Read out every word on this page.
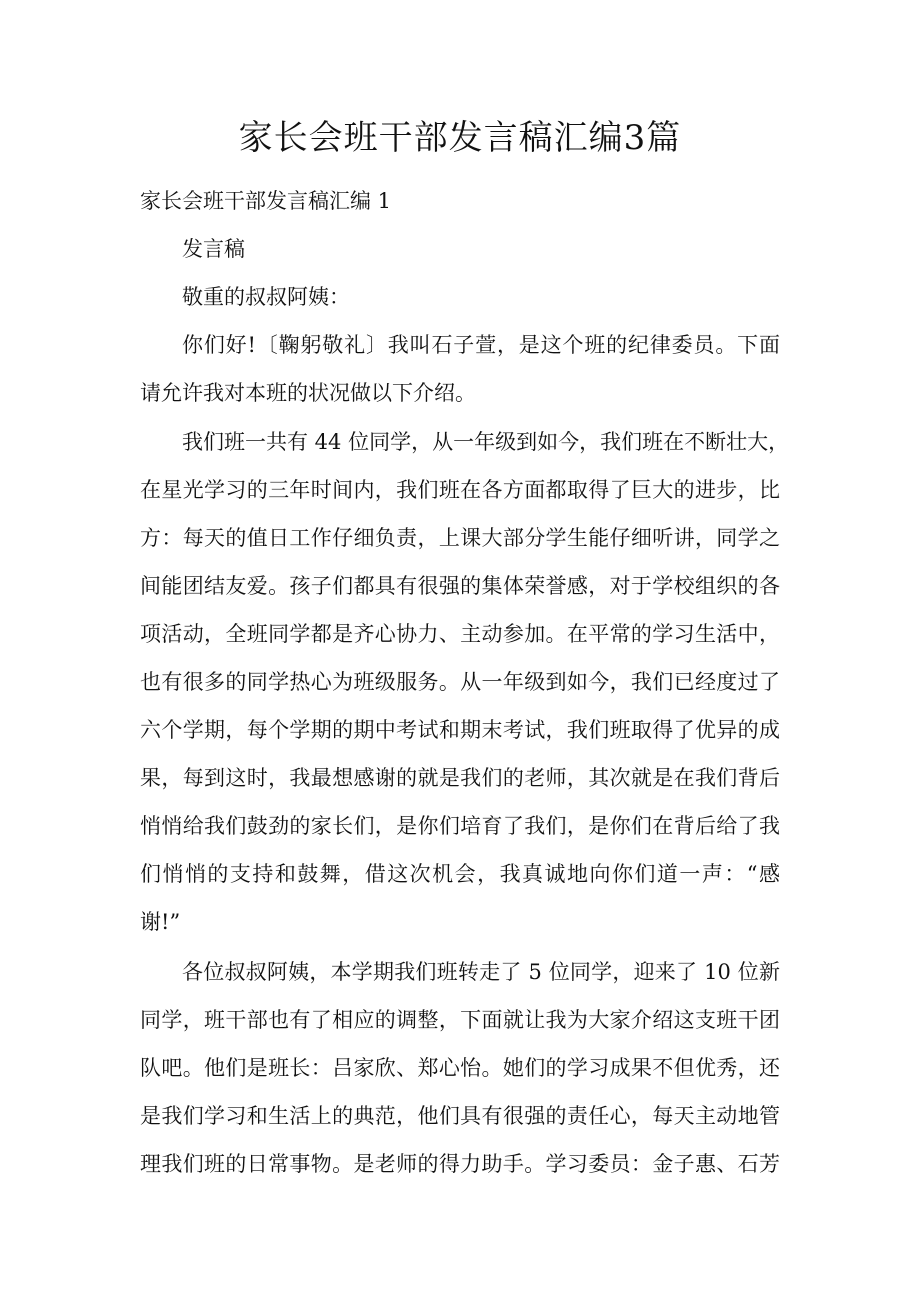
家长会班干部发言稿汇编3篇
家长会班干部发言稿汇编 1
发言稿
敬重的叔叔阿姨：
你们好!〔鞠躬敬礼〕我叫石子萱，是这个班的纪律委员。下面
请允许我对本班的状况做以下介绍。
我们班一共有 44 位同学，从一年级到如今，我们班在不断壮大，
在星光学习的三年时间内，我们班在各方面都取得了巨大的进步，比
方：每天的值日工作仔细负责，上课大部分学生能仔细听讲，同学之
间能团结友爱。孩子们都具有很强的集体荣誉感，对于学校组织的各
项活动，全班同学都是齐心协力、主动参加。在平常的学习生活中，
也有很多的同学热心为班级服务。从一年级到如今，我们已经度过了
六个学期，每个学期的期中考试和期末考试，我们班取得了优异的成
果，每到这时，我最想感谢的就是我们的老师，其次就是在我们背后
悄悄给我们鼓劲的家长们，是你们培育了我们，是你们在背后给了我
们悄悄的支持和鼓舞，借这次机会，我真诚地向你们道一声：“感
谢!”
各位叔叔阿姨，本学期我们班转走了 5 位同学，迎来了 10 位新
同学，班干部也有了相应的调整，下面就让我为大家介绍这支班干团
队吧。他们是班长：吕家欣、郑心怡。她们的学习成果不但优秀，还
是我们学习和生活上的典范，他们具有很强的责任心，每天主动地管
理我们班的日常事物。是老师的得力助手。学习委员：金子惠、石芳
